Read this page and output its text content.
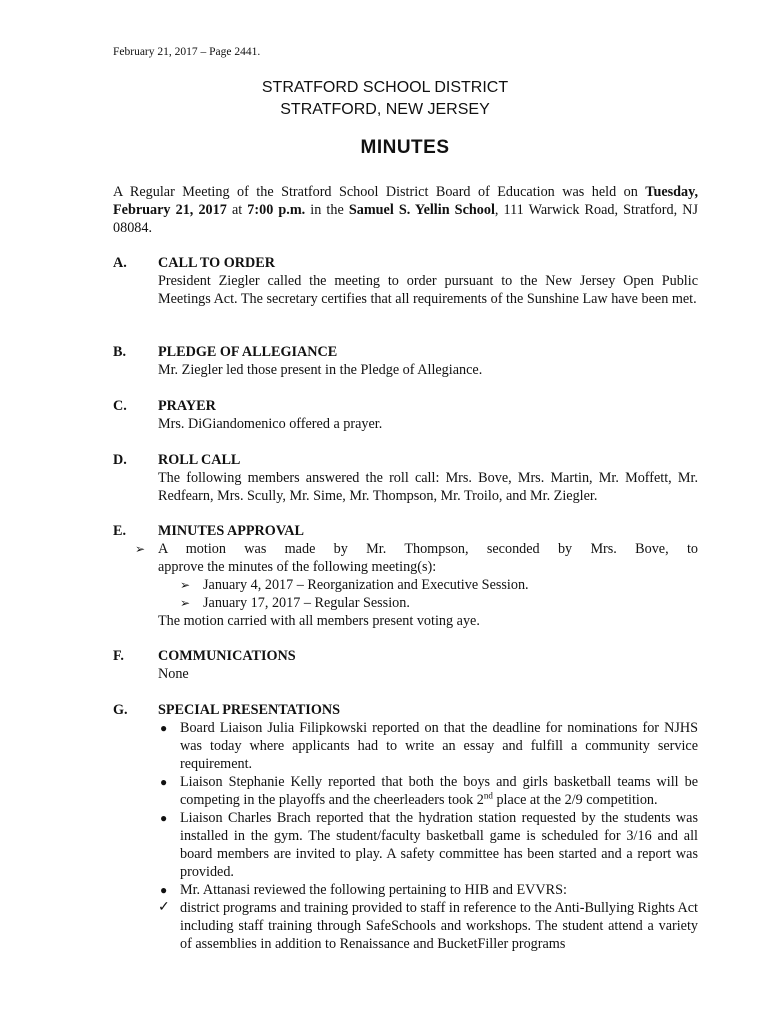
February 21, 2017 – Page 2441.
STRATFORD SCHOOL DISTRICT
STRATFORD, NEW JERSEY
MINUTES
A Regular Meeting of the Stratford School District Board of Education was held on Tuesday, February 21, 2017 at 7:00 p.m. in the Samuel S. Yellin School, 111 Warwick Road, Stratford, NJ 08084.
A. CALL TO ORDER
President Ziegler called the meeting to order pursuant to the New Jersey Open Public Meetings Act. The secretary certifies that all requirements of the Sunshine Law have been met.
B. PLEDGE OF ALLEGIANCE
Mr. Ziegler led those present in the Pledge of Allegiance.
C. PRAYER
Mrs. DiGiandomenico offered a prayer.
D. ROLL CALL
The following members answered the roll call: Mrs. Bove, Mrs. Martin, Mr. Moffett, Mr. Redfearn, Mrs. Scully, Mr. Sime, Mr. Thompson, Mr. Troilo, and Mr. Ziegler.
E. MINUTES APPROVAL
➢ A motion was made by Mr. Thompson, seconded by Mrs. Bove, to
approve the minutes of the following meeting(s):
➢ January 4, 2017 – Reorganization and Executive Session.
➢ January 17, 2017 – Regular Session.
The motion carried with all members present voting aye.
F. COMMUNICATIONS
None
G. SPECIAL PRESENTATIONS
● Board Liaison Julia Filipkowski reported on that the deadline for nominations for NJHS was today where applicants had to write an essay and fulfill a community service requirement.
● Liaison Stephanie Kelly reported that both the boys and girls basketball teams will be competing in the playoffs and the cheerleaders took 2nd place at the 2/9 competition.
● Liaison Charles Brach reported that the hydration station requested by the students was installed in the gym. The student/faculty basketball game is scheduled for 3/16 and all board members are invited to play. A safety committee has been started and a report was provided.
● Mr. Attanasi reviewed the following pertaining to HIB and EVVRS:
✓ district programs and training provided to staff in reference to the Anti-Bullying Rights Act including staff training through SafeSchools and workshops. The student attend a variety of assemblies in addition to Renaissance and BucketFiller programs
